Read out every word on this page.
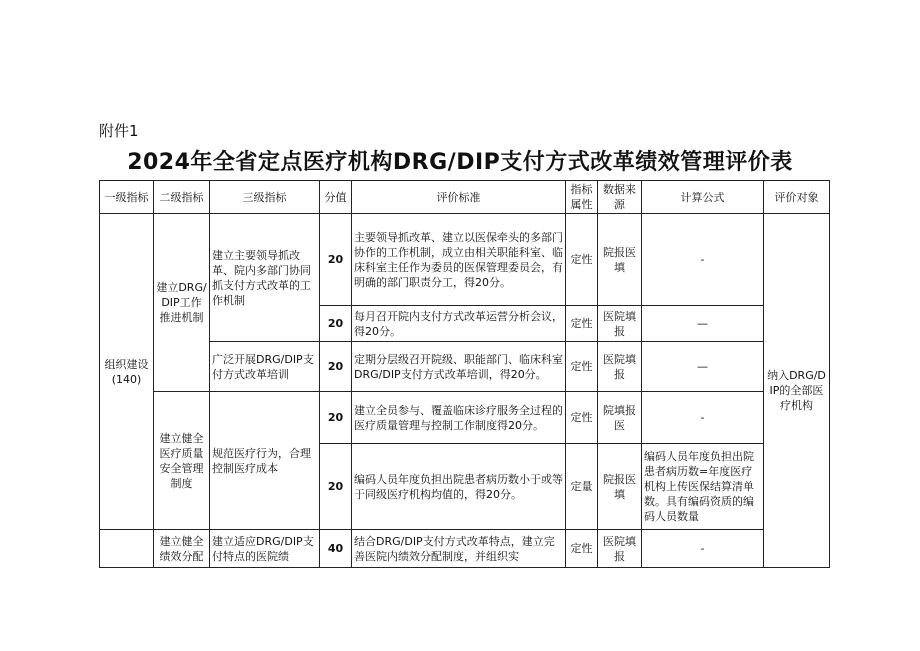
附件1
2024年全省定点医疗机构DRG/DIP支付方式改革绩效管理评价表
一级指标	二级指标	三级指标	分值	评价标准	指标属性	数据来源	计算公式	评价对象
组织建设(140)	建立DRG/DIP工作推进机制	建立主要领导抓改革、院内多部门协同抓支付方式改革的工作机制	20	主要领导抓改革、建立以医保牵头的多部门协作的工作机制，成立由相关职能科室、临床科室主任作为委员的医保管理委员会，有明确的部门职责分工，得20分。	定性	院报医填	-	纳入DRG/DIP的全部医疗机构
			20	每月召开院内支付方式改革运营分析会议，得20分。	定性	医院填报	—	
		广泛开展DRG/DIP支付方式改革培训	20	定期分层级召开院级、职能部门、临床科室DRG/DIP支付方式改革培训，得20分。	定性	医院填报	—	
	建立健全医疗质量安全管理制度	规范医疗行为，合理控制医疗成本	20	建立全员参与、覆盖临床诊疗服务全过程的医疗质量管理与控制工作制度得20分。	定性	院填报医	-	
			20	编码人员年度负担出院患者病历数小于或等于同级医疗机构均值的，得20分。	定量	院报医填	编码人员年度负担出院患者病历数=年度医疗机构上传医保结算清单数。具有编码资质的编码人员数量	
	建立健全绩效分配	建立适应DRG/DIP支付特点的医院绩	40	结合DRG/DIP支付方式改革特点，建立完善医院内绩效分配制度，并组织实	定性	医院填报	-	
